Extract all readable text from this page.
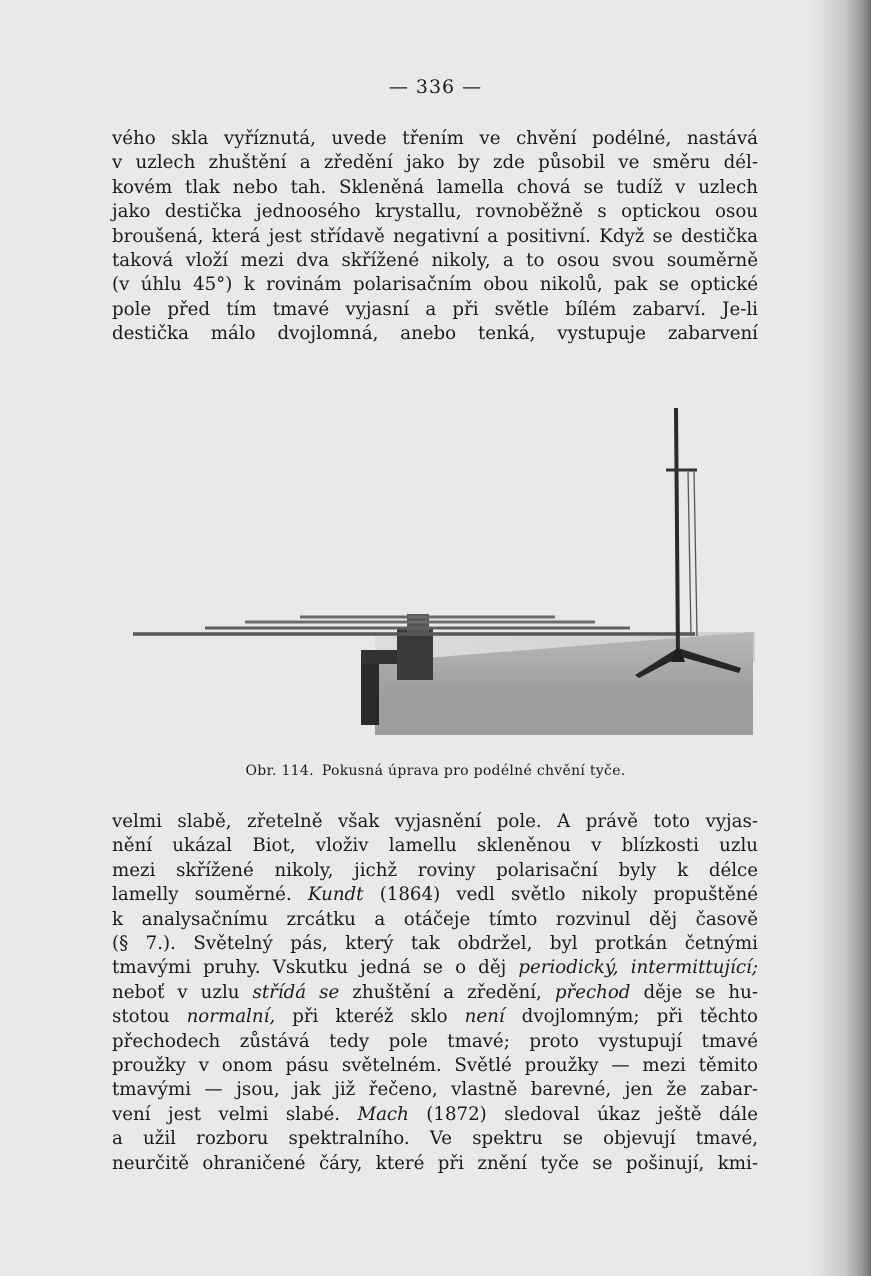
— 336 —
vého skla vyříznutá, uvede třením ve chvění podélné, nastává
v uzlech zhuštění a zředění jako by zde působil ve směru dél-
kovém tlak nebo tah. Skleněná lamella chová se tudíž v uzlech
jako destička jednoosého krystallu, rovnoběžně s optickou osou
broušená, která jest střídavě negativní a positivní. Když se destička
taková vloží mezi dva skřížené nikoly, a to osou svou souměrně
(v úhlu 45°) k rovinám polarisačním obou nikolů, pak se optické
pole před tím tmavé vyjasní a při světle bílém zabarví. Je-li
destička málo dvojlomná, anebo tenká, vystupuje zabarvení
Obr. 114. Pokusná úprava pro podélné chvění tyče.
velmi slabě, zřetelně však vyjasnění pole. A právě toto vyjas-
nění ukázal Biot, vloživ lamellu skleněnou v blízkosti uzlu
mezi skřížené nikoly, jichž roviny polarisační byly k délce
lamelly souměrné. Kundt (1864) vedl světlo nikoly propuštěné
k analysačnímu zrcátku a otáčeje tímto rozvinul děj časově
(§ 7.). Světelný pás, který tak obdržel, byl protkán četnými
tmavými pruhy. Vskutku jedná se o děj periodický, intermittující;
neboť v uzlu střídá se zhuštění a zředění, přechod děje se hu-
stotou normalní, při kteréž sklo není dvojlomným; při těchto
přechodech zůstává tedy pole tmavé; proto vystupují tmavé
proužky v onom pásu světelném. Světlé proužky — mezi těmito
tmavými — jsou, jak již řečeno, vlastně barevné, jen že zabar-
vení jest velmi slabé. Mach (1872) sledoval úkaz ještě dále
a užil rozboru spektralního. Ve spektru se objevují tmavé,
neurčitě ohraničené čáry, které při znění tyče se pošinují, kmi-
